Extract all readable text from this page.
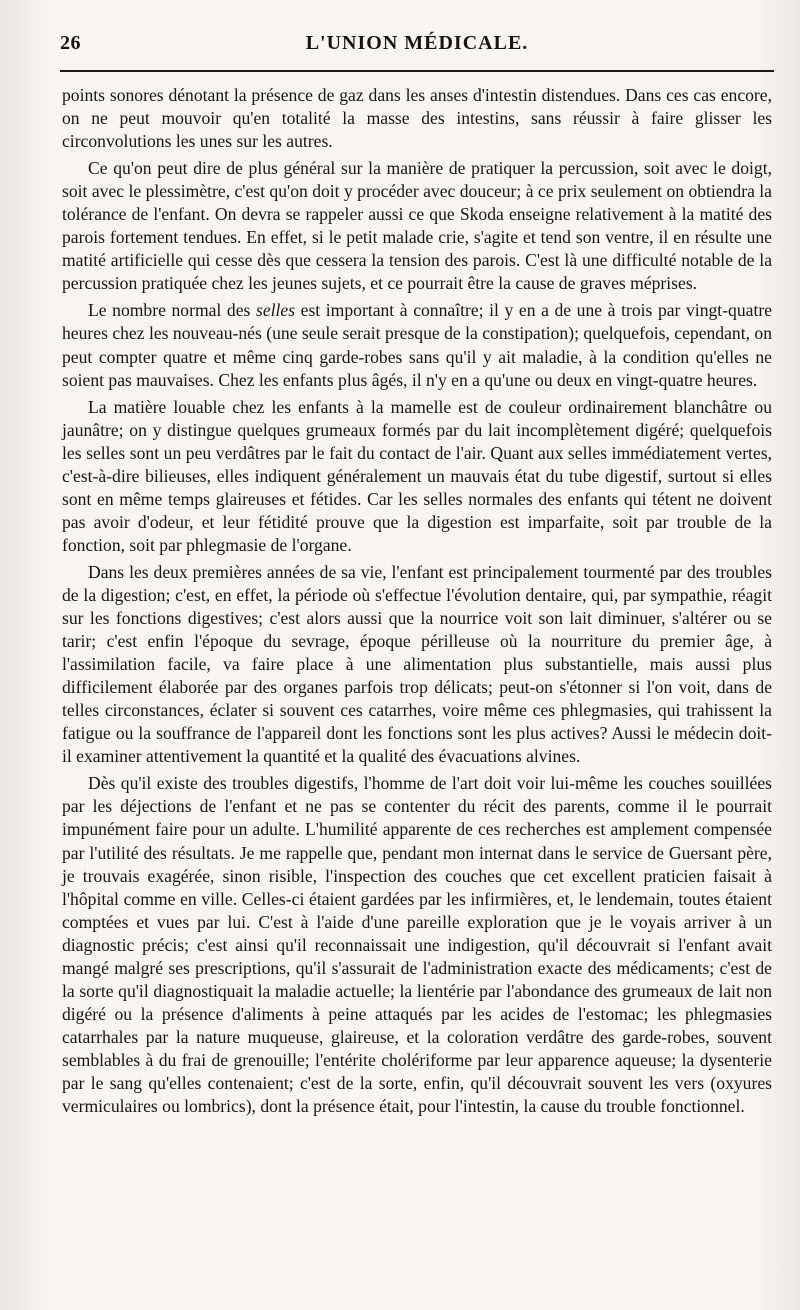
26	L'UNION MÉDICALE.

points sonores dénotant la présence de gaz dans les anses d'intestin distendues. Dans ces cas encore, on ne peut mouvoir qu'en totalité la masse des intestins, sans réussir à faire glisser les circonvolutions les unes sur les autres.

Ce qu'on peut dire de plus général sur la manière de pratiquer la percussion, soit avec le doigt, soit avec le plessimètre, c'est qu'on doit y procéder avec douceur; à ce prix seulement on obtiendra la tolérance de l'enfant. On devra se rappeler aussi ce que Skoda enseigne relativement à la matité des parois fortement tendues. En effet, si le petit malade crie, s'agite et tend son ventre, il en résulte une matité artificielle qui cesse dès que cessera la tension des parois. C'est là une difficulté notable de la percussion pratiquée chez les jeunes sujets, et ce pourrait être la cause de graves méprises.

Le nombre normal des selles est important à connaître; il y en a de une à trois par vingt-quatre heures chez les nouveau-nés (une seule serait presque de la constipation); quelquefois, cependant, on peut compter quatre et même cinq garde-robes sans qu'il y ait maladie, à la condition qu'elles ne soient pas mauvaises. Chez les enfants plus âgés, il n'y en a qu'une ou deux en vingt-quatre heures.

La matière louable chez les enfants à la mamelle est de couleur ordinairement blanchâtre ou jaunâtre; on y distingue quelques grumeaux formés par du lait incomplètement digéré; quelquefois les selles sont un peu verdâtres par le fait du contact de l'air. Quant aux selles immédiatement vertes, c'est-à-dire bilieuses, elles indiquent généralement un mauvais état du tube digestif, surtout si elles sont en même temps glaireuses et fétides. Car les selles normales des enfants qui tétent ne doivent pas avoir d'odeur, et leur fétidité prouve que la digestion est imparfaite, soit par trouble de la fonction, soit par phlegmasie de l'organe.

Dans les deux premières années de sa vie, l'enfant est principalement tourmenté par des troubles de la digestion; c'est, en effet, la période où s'effectue l'évolution dentaire, qui, par sympathie, réagit sur les fonctions digestives; c'est alors aussi que la nourrice voit son lait diminuer, s'altérer ou se tarir; c'est enfin l'époque du sevrage, époque périlleuse où la nourriture du premier âge, à l'assimilation facile, va faire place à une alimentation plus substantielle, mais aussi plus difficilement élaborée par des organes parfois trop délicats; peut-on s'étonner si l'on voit, dans de telles circonstances, éclater si souvent ces catarrhes, voire même ces phlegmasies, qui trahissent la fatigue ou la souffrance de l'appareil dont les fonctions sont les plus actives? Aussi le médecin doit-il examiner attentivement la quantité et la qualité des évacuations alvines.

Dès qu'il existe des troubles digestifs, l'homme de l'art doit voir lui-même les couches souillées par les déjections de l'enfant et ne pas se contenter du récit des parents, comme il le pourrait impunément faire pour un adulte. L'humilité apparente de ces recherches est amplement compensée par l'utilité des résultats. Je me rappelle que, pendant mon internat dans le service de Guersant père, je trouvais exagérée, sinon risible, l'inspection des couches que cet excellent praticien faisait à l'hôpital comme en ville. Celles-ci étaient gardées par les infirmières, et, le lendemain, toutes étaient comptées et vues par lui. C'est à l'aide d'une pareille exploration que je le voyais arriver à un diagnostic précis; c'est ainsi qu'il reconnaissait une indigestion, qu'il découvrait si l'enfant avait mangé malgré ses prescriptions, qu'il s'assurait de l'administration exacte des médicaments; c'est de la sorte qu'il diagnostiquait la maladie actuelle; la lientérie par l'abondance des grumeaux de lait non digéré ou la présence d'aliments à peine attaqués par les acides de l'estomac; les phlegmasies catarrhales par la nature muqueuse, glaireuse, et la coloration verdâtre des garde-robes, souvent semblables à du frai de grenouille; l'entérite cholériforme par leur apparence aqueuse; la dysenterie par le sang qu'elles contenaient; c'est de la sorte, enfin, qu'il découvrait souvent les vers (oxyures vermiculaires ou lombrics), dont la présence était, pour l'intestin, la cause du trouble fonctionnel.
